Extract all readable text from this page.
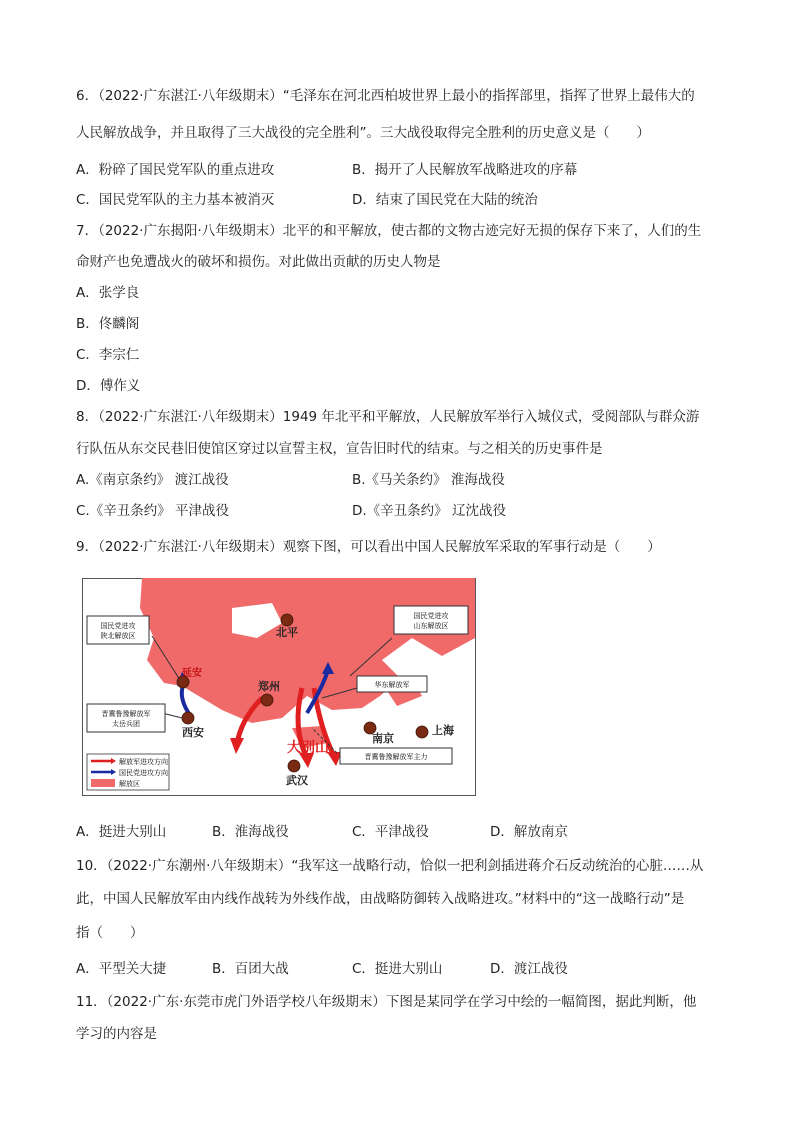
6．（2022·广东湛江·八年级期末）“毛泽东在河北西柏坡世界上最小的指挥部里，指挥了世界上最伟大的
人民解放战争，并且取得了三大战役的完全胜利”。三大战役取得完全胜利的历史意义是（　　）
A．粉碎了国民党军队的重点进攻	B．揭开了人民解放军战略进攻的序幕
C．国民党军队的主力基本被消灭	D．结束了国民党在大陆的统治
7．（2022·广东揭阳·八年级期末）北平的和平解放，使古都的文物古迹完好无损的保存下来了，人们的生
命财产也免遭战火的破坏和损伤。对此做出贡献的历史人物是
A．张学良
B．佟麟阁
C．李宗仁
D．傅作义
8．（2022·广东湛江·八年级期末）1949 年北平和平解放，人民解放军举行入城仪式，受阅部队与群众游
行队伍从东交民巷旧使馆区穿过以宣誓主权，宣告旧时代的结束。与之相关的历史事件是
A.《南京条约》 渡江战役	B.《马关条约》 淮海战役
C.《辛丑条约》 平津战役	D.《辛丑条约》 辽沈战役
9．（2022·广东湛江·八年级期末）观察下图，可以看出中国人民解放军采取的军事行动是（　　）
国民党进攻陕北解放区
国民党进攻山东解放区
华东解放军
晋冀鲁豫解放军太岳兵团
晋冀鲁豫解放军主力
北平
延安
郑州
西安	南京
上海
武汉
大别山
解放军进攻方向
国民党进攻方向
解放区
A．挺进大别山	B．淮海战役	C．平津战役	D．解放南京
10．（2022·广东潮州·八年级期末）“我军这一战略行动，恰似一把利剑插进蒋介石反动统治的心脏……从
此，中国人民解放军由内线作战转为外线作战，由战略防御转入战略进攻。”材料中的“这一战略行动”是
指（　　）
A．平型关大捷	B．百团大战	C．挺进大别山	D．渡江战役
11．（2022·广东·东莞市虎门外语学校八年级期末）下图是某同学在学习中绘的一幅简图，据此判断，他
学习的内容是
